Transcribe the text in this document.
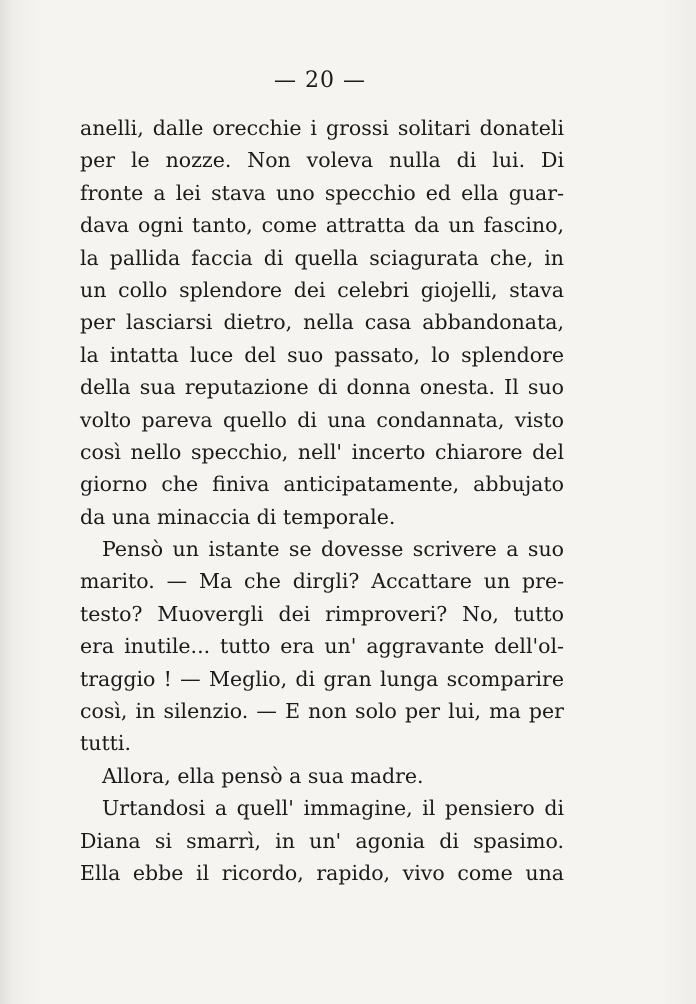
— 20 —
anelli, dalle orecchie i grossi solitari donateli
per le nozze. Non voleva nulla di lui. Di
fronte a lei stava uno specchio ed ella guar-
dava ogni tanto, come attratta da un fascino,
la pallida faccia di quella sciagurata che, in
un collo splendore dei celebri giojelli, stava
per lasciarsi dietro, nella casa abbandonata,
la intatta luce del suo passato, lo splendore
della sua reputazione di donna onesta. Il suo
volto pareva quello di una condannata, visto
così nello specchio, nell' incerto chiarore del
giorno che finiva anticipatamente, abbujato
da una minaccia di temporale.
Pensò un istante se dovesse scrivere a suo
marito. — Ma che dirgli? Accattare un pre-
testo? Muovergli dei rimproveri? No, tutto
era inutile... tutto era un' aggravante dell'ol-
traggio ! — Meglio, di gran lunga scomparire
così, in silenzio. — E non solo per lui, ma per
tutti.
Allora, ella pensò a sua madre.
Urtandosi a quell' immagine, il pensiero di
Diana si smarrì, in un' agonia di spasimo.
Ella ebbe il ricordo, rapido, vivo come una
